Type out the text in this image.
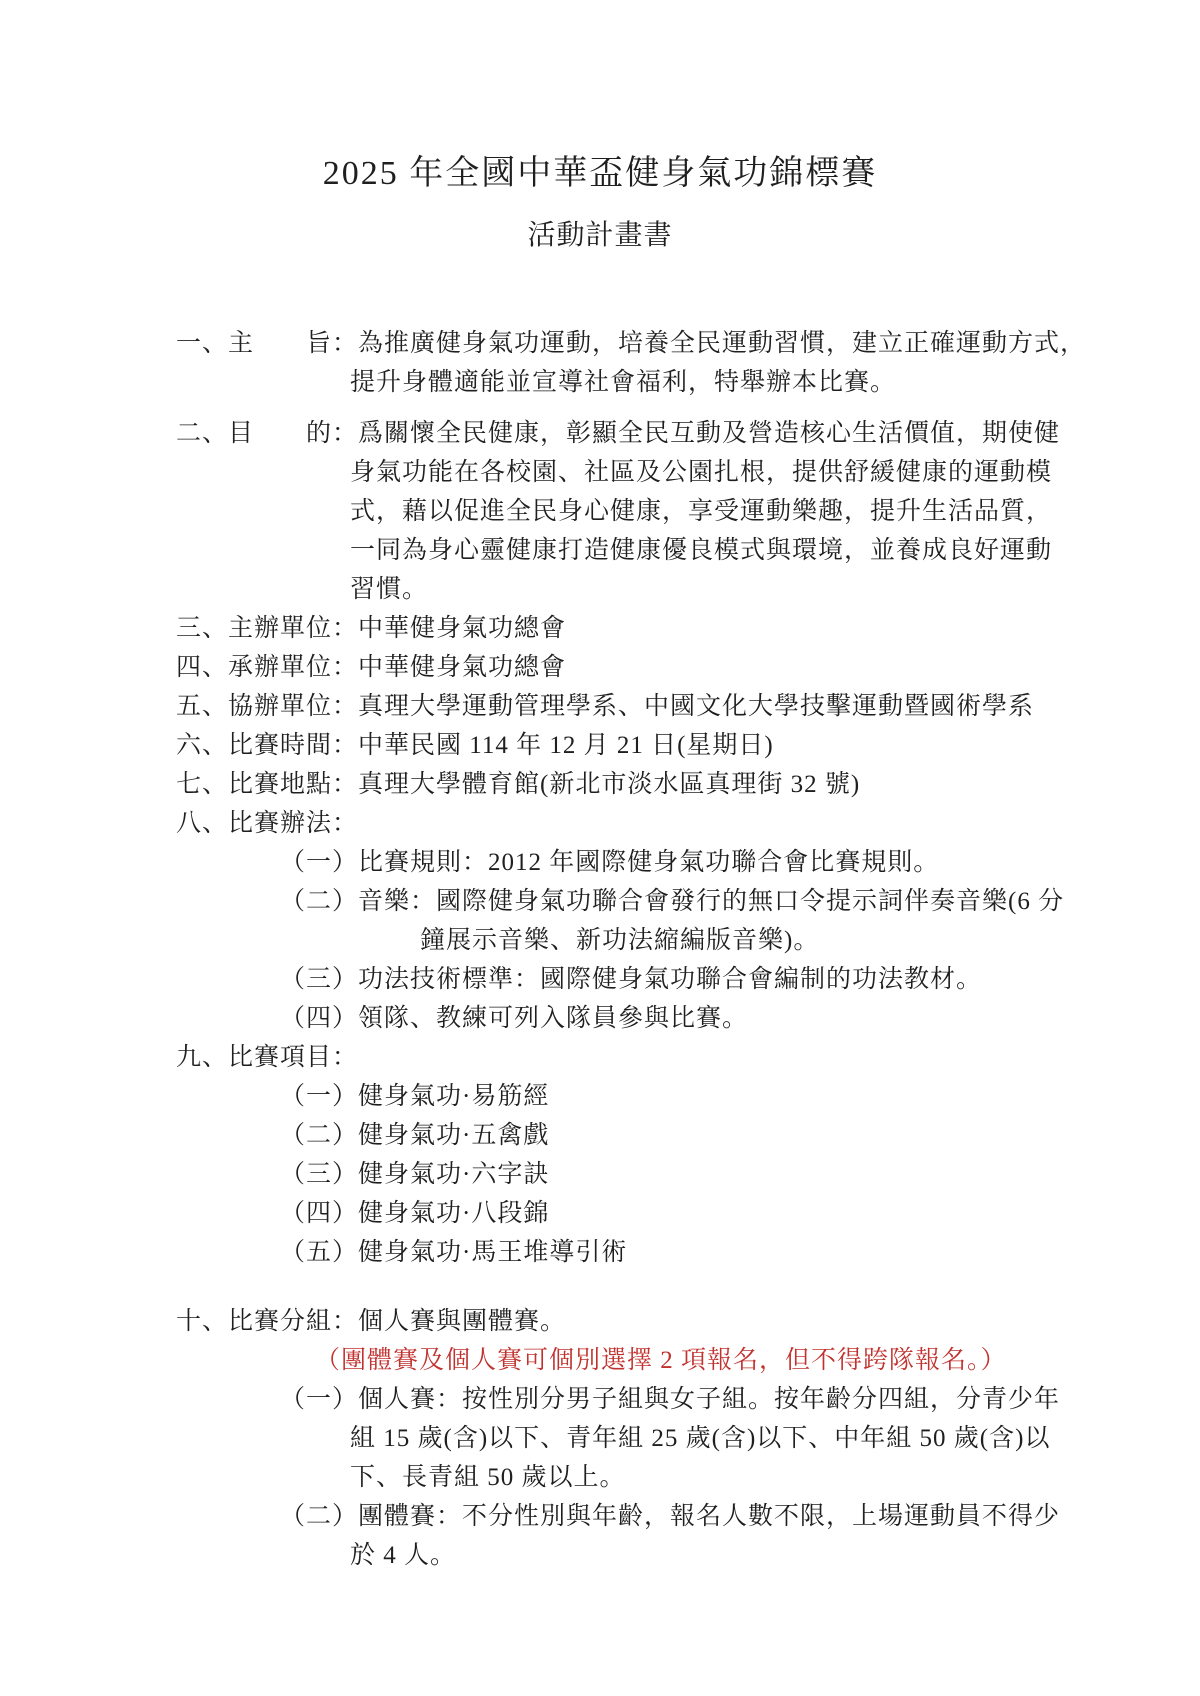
2025 年全國中華盃健身氣功錦標賽
活動計畫書
一、主　　旨：為推廣健身氣功運動，培養全民運動習慣，建立正確運動方式，
提升身體適能並宣導社會福利，特舉辦本比賽。
二、目　　的：爲關懷全民健康，彰顯全民互動及營造核心生活價值，期使健
身氣功能在各校園、社區及公園扎根，提供舒緩健康的運動模
式，藉以促進全民身心健康，享受運動樂趣，提升生活品質，
一同為身心靈健康打造健康優良模式與環境，並養成良好運動
習慣。
三、主辦單位：中華健身氣功總會
四、承辦單位：中華健身氣功總會
五、協辦單位：真理大學運動管理學系、中國文化大學技擊運動暨國術學系
六、比賽時間：中華民國 114 年 12 月 21 日(星期日)
七、比賽地點：真理大學體育館(新北市淡水區真理街 32 號)
八、比賽辦法：
（一）比賽規則：2012 年國際健身氣功聯合會比賽規則。
（二）音樂：國際健身氣功聯合會發行的無口令提示詞伴奏音樂(6 分
鐘展示音樂、新功法縮編版音樂)。
（三）功法技術標準：國際健身氣功聯合會編制的功法教材。
（四）領隊、教練可列入隊員參與比賽。
九、比賽項目：
（一）健身氣功·易筋經
（二）健身氣功·五禽戲
（三）健身氣功·六字訣
（四）健身氣功·八段錦
（五）健身氣功·馬王堆導引術
十、比賽分組：個人賽與團體賽。
（團體賽及個人賽可個別選擇 2 項報名，但不得跨隊報名。）
（一）個人賽：按性別分男子組與女子組。按年齡分四組，分青少年
組 15 歲(含)以下、青年組 25 歲(含)以下、中年組 50 歲(含)以
下、長青組 50 歲以上。
（二）團體賽：不分性別與年齡，報名人數不限，上場運動員不得少
於 4 人。
